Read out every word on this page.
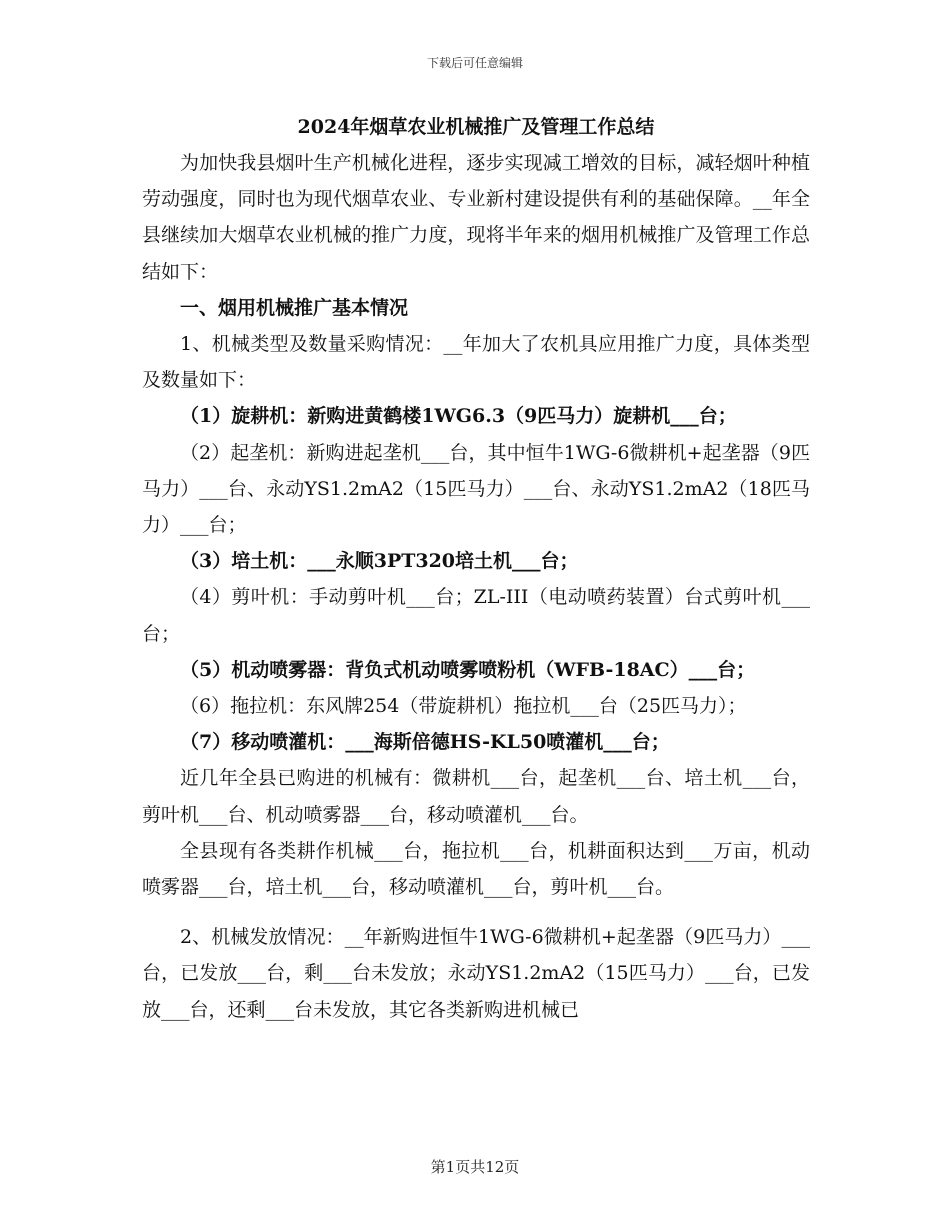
下载后可任意编辑
2024年烟草农业机械推广及管理工作总结

为加快我县烟叶生产机械化进程，逐步实现减工增效的目标，减轻烟叶种植劳动强度，同时也为现代烟草农业、专业新村建设提供有利的基础保障。__年全县继续加大烟草农业机械的推广力度，现将半年来的烟用机械推广及管理工作总结如下：

一、烟用机械推广基本情况

1、机械类型及数量采购情况：__年加大了农机具应用推广力度，具体类型及数量如下：

（1）旋耕机：新购进黄鹤楼1WG6.3（9匹马力）旋耕机___台；

（2）起垄机：新购进起垄机___台，其中恒牛1WG-6微耕机+起垄器（9匹马力）___台、永动YS1.2mA2（15匹马力）___台、永动YS1.2mA2（18匹马力）___台；

（3）培土机：___永顺3PT320培土机___台；

（4）剪叶机：手动剪叶机___台；ZL-III（电动喷药装置）台式剪叶机___台；

（5）机动喷雾器：背负式机动喷雾喷粉机（WFB-18AC）___台；

（6）拖拉机：东风牌254（带旋耕机）拖拉机___台（25匹马力）；

（7）移动喷灌机：___海斯倍德HS-KL50喷灌机___台；

近几年全县已购进的机械有：微耕机___台，起垄机___台、培土机___台，剪叶机___台、机动喷雾器___台，移动喷灌机___台。

全县现有各类耕作机械___台，拖拉机___台，机耕面积达到___万亩，机动喷雾器___台，培土机___台，移动喷灌机___台，剪叶机___台。

2、机械发放情况：__年新购进恒牛1WG-6微耕机+起垄器（9匹马力）___台，已发放___台，剩___台未发放；永动YS1.2mA2（15匹马力）___台，已发放___台，还剩___台未发放，其它各类新购进机械已

第1页共12页
